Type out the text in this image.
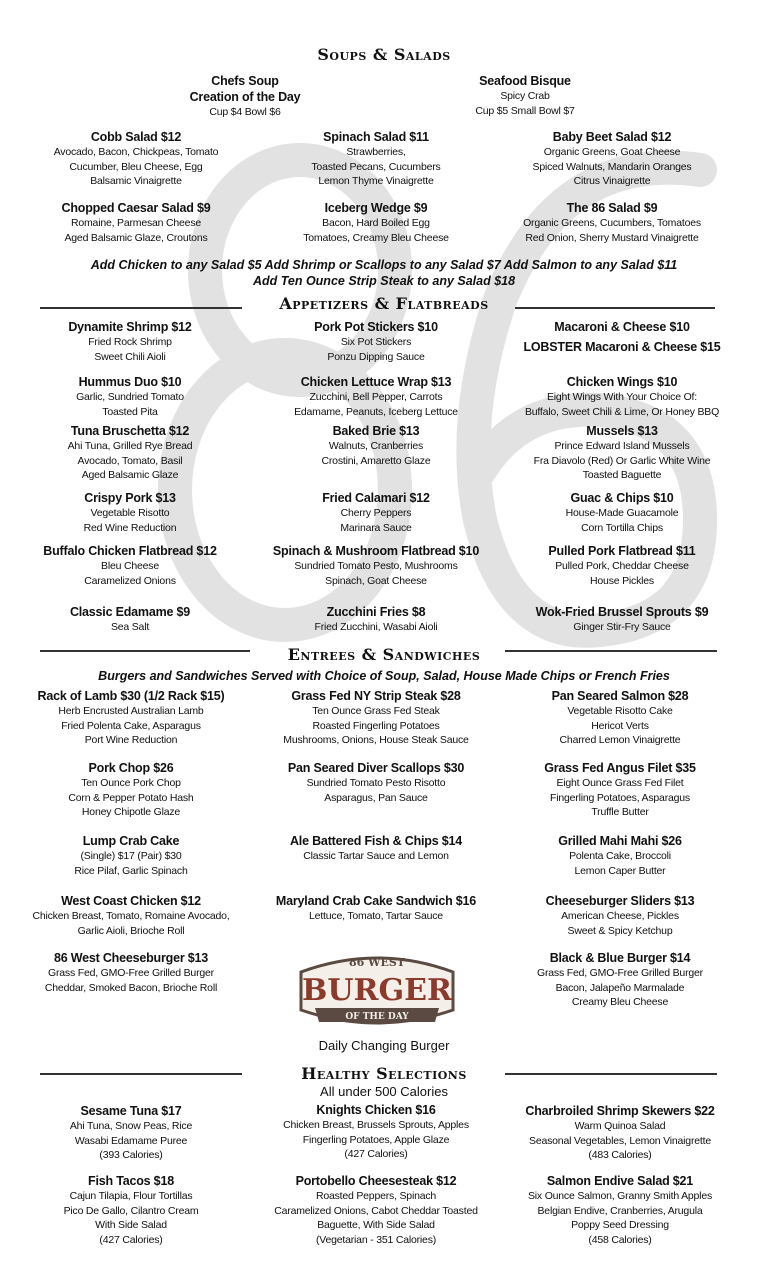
Soups & Salads
Add Chicken to any Salad $5 Add Shrimp or Scallops to any Salad $7 Add Salmon to any Salad $11
Add Ten Ounce Strip Steak to any Salad $18
Appetizers & Flatbreads
Entrees & Sandwiches
Burgers and Sandwiches Served with Choice of Soup, Salad, House Made Chips or French Fries
86 WEST
BURGER
OF THE DAY
Daily Changing Burger
Healthy Selections
All under 500 Calories
Chefs Soup
Creation of the Day
Cup $4 Bowl $6
Seafood Bisque
Spicy Crab
Cup $5 Small Bowl $7
Cobb Salad $12
Avocado, Bacon, Chickpeas, Tomato
Cucumber, Bleu Cheese, Egg
Balsamic Vinaigrette
Spinach Salad $11
Strawberries,
Toasted Pecans, Cucumbers
Lemon Thyme Vinaigrette
Baby Beet Salad $12
Organic Greens, Goat Cheese
Spiced Walnuts, Mandarin Oranges
Citrus Vinaigrette
Chopped Caesar Salad $9
Romaine, Parmesan Cheese
Aged Balsamic Glaze, Croutons
Iceberg Wedge $9
Bacon, Hard Boiled Egg
Tomatoes, Creamy Bleu Cheese
The 86 Salad $9
Organic Greens, Cucumbers, Tomatoes
Red Onion, Sherry Mustard Vinaigrette
Dynamite Shrimp $12
Fried Rock Shrimp
Sweet Chili Aioli
Pork Pot Stickers $10
Six Pot Stickers
Ponzu Dipping Sauce
Macaroni & Cheese $10
LOBSTER Macaroni & Cheese $15
Hummus Duo $10
Garlic, Sundried Tomato
Toasted Pita
Chicken Lettuce Wrap $13
Zucchini, Bell Pepper, Carrots
Edamame, Peanuts, Iceberg Lettuce
Chicken Wings $10
Eight Wings With Your Choice Of:
Buffalo, Sweet Chili & Lime, Or Honey BBQ
Tuna Bruschetta $12
Ahi Tuna, Grilled Rye Bread
Avocado, Tomato, Basil
Aged Balsamic Glaze
Baked Brie $13
Walnuts, Cranberries
Crostini, Amaretto Glaze
Mussels $13
Prince Edward Island Mussels
Fra Diavolo (Red) Or Garlic White Wine
Toasted Baguette
Crispy Pork $13
Vegetable Risotto
Red Wine Reduction
Fried Calamari $12
Cherry Peppers
Marinara Sauce
Guac & Chips $10
House-Made Guacamole
Corn Tortilla Chips
Buffalo Chicken Flatbread $12
Bleu Cheese
Caramelized Onions
Spinach & Mushroom Flatbread $10
Sundried Tomato Pesto, Mushrooms
Spinach, Goat Cheese
Pulled Pork Flatbread $11
Pulled Pork, Cheddar Cheese
House Pickles
Classic Edamame $9
Sea Salt
Zucchini Fries $8
Fried Zucchini, Wasabi Aioli
Wok-Fried Brussel Sprouts $9
Ginger Stir-Fry Sauce
Rack of Lamb $30 (1/2 Rack $15)
Herb Encrusted Australian Lamb
Fried Polenta Cake, Asparagus
Port Wine Reduction
Grass Fed NY Strip Steak $28
Ten Ounce Grass Fed Steak
Roasted Fingerling Potatoes
Mushrooms, Onions, House Steak Sauce
Pan Seared Salmon $28
Vegetable Risotto Cake
Hericot Verts
Charred Lemon Vinaigrette
Pork Chop $26
Ten Ounce Pork Chop
Corn & Pepper Potato Hash
Honey Chipotle Glaze
Pan Seared Diver Scallops $30
Sundried Tomato Pesto Risotto
Asparagus, Pan Sauce
Grass Fed Angus Filet $35
Eight Ounce Grass Fed Filet
Fingerling Potatoes, Asparagus
Truffle Butter
Lump Crab Cake
(Single) $17 (Pair) $30
Rice Pilaf, Garlic Spinach
Ale Battered Fish & Chips $14
Classic Tartar Sauce and Lemon
Grilled Mahi Mahi $26
Polenta Cake, Broccoli
Lemon Caper Butter
West Coast Chicken $12
Chicken Breast, Tomato, Romaine Avocado,
Garlic Aioli, Brioche Roll
Maryland Crab Cake Sandwich $16
Lettuce, Tomato, Tartar Sauce
Cheeseburger Sliders $13
American Cheese, Pickles
Sweet & Spicy Ketchup
86 West Cheeseburger $13
Grass Fed, GMO-Free Grilled Burger
Cheddar, Smoked Bacon, Brioche Roll
Black & Blue Burger $14
Grass Fed, GMO-Free Grilled Burger
Bacon, Jalapeño Marmalade
Creamy Bleu Cheese
Sesame Tuna $17
Ahi Tuna, Snow Peas, Rice
Wasabi Edamame Puree
(393 Calories)
Knights Chicken $16
Chicken Breast, Brussels Sprouts, Apples
Fingerling Potatoes, Apple Glaze
(427 Calories)
Charbroiled Shrimp Skewers $22
Warm Quinoa Salad
Seasonal Vegetables, Lemon Vinaigrette
(483 Calories)
Fish Tacos $18
Cajun Tilapia, Flour Tortillas
Pico De Gallo, Cilantro Cream
With Side Salad
(427 Calories)
Portobello Cheesesteak $12
Roasted Peppers, Spinach
Caramelized Onions, Cabot Cheddar Toasted
Baguette, With Side Salad
(Vegetarian - 351 Calories)
Salmon Endive Salad $21
Six Ounce Salmon, Granny Smith Apples
Belgian Endive, Cranberries, Arugula
Poppy Seed Dressing
(458 Calories)
